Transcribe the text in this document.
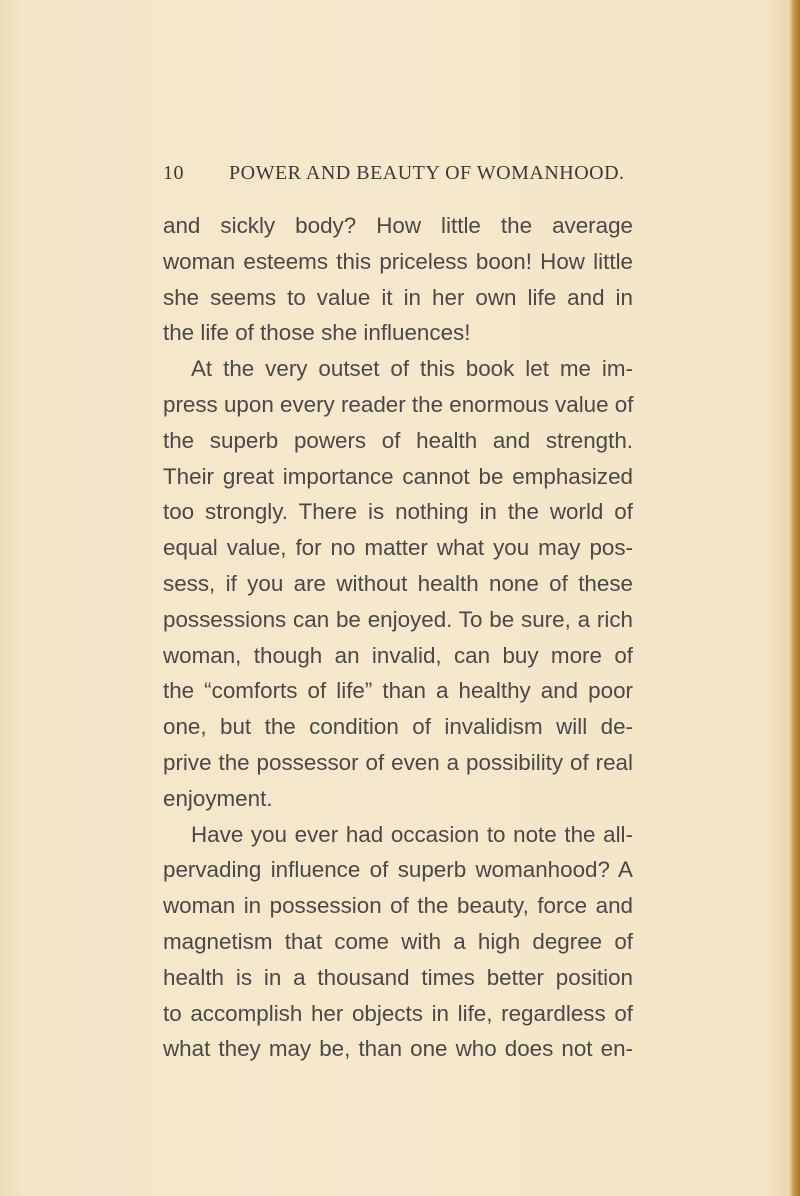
10 POWER AND BEAUTY OF WOMANHOOD.
and sickly body? How little the average
woman esteems this priceless boon! How little
she seems to value it in her own life and in
the life of those she influences!
At the very outset of this book let me im-
press upon every reader the enormous value of
the superb powers of health and strength.
Their great importance cannot be emphasized
too strongly. There is nothing in the world of
equal value, for no matter what you may pos-
sess, if you are without health none of these
possessions can be enjoyed. To be sure, a rich
woman, though an invalid, can buy more of
the “comforts of life” than a healthy and poor
one, but the condition of invalidism will de-
prive the possessor of even a possibility of real
enjoyment.
Have you ever had occasion to note the all-
pervading influence of superb womanhood? A
woman in possession of the beauty, force and
magnetism that come with a high degree of
health is in a thousand times better position
to accomplish her objects in life, regardless of
what they may be, than one who does not en-
